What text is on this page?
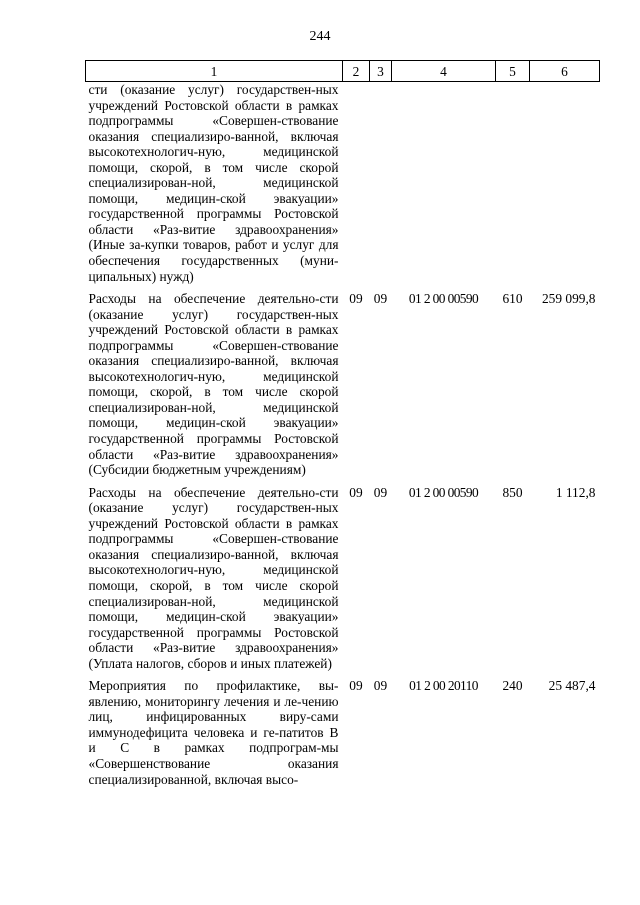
244
1	2	3	4	5	6
сти (оказание услуг) государствен-ных учреждений Ростовской области в рамках подпрограммы «Совершен-ствование оказания специализиро-ванной, включая высокотехнологич-ную, медицинской помощи, скорой, в том числе скорой специализирован-ной, медицинской помощи, медицин-ской эвакуации» государственной программы Ростовской области «Раз-витие здравоохранения» (Иные за-купки товаров, работ и услуг для обеспечения государственных (муни-ципальных) нужд)					
Расходы на обеспечение деятельно-сти (оказание услуг) государствен-ных учреждений Ростовской области в рамках подпрограммы «Совершен-ствование оказания специализиро-ванной, включая высокотехнологич-ную, медицинской помощи, скорой, в том числе скорой специализирован-ной, медицинской помощи, медицин-ской эвакуации» государственной программы Ростовской области «Раз-витие здравоохранения» (Субсидии бюджетным учреждениям)	09	09	01 2 00 00590	610	259 099,8
Расходы на обеспечение деятельно-сти (оказание услуг) государствен-ных учреждений Ростовской области в рамках подпрограммы «Совершен-ствование оказания специализиро-ванной, включая высокотехнологич-ную, медицинской помощи, скорой, в том числе скорой специализирован-ной, медицинской помощи, медицин-ской эвакуации» государственной программы Ростовской области «Раз-витие здравоохранения» (Уплата налогов, сборов и иных платежей)	09	09	01 2 00 00590	850	1 112,8
Мероприятия по профилактике, вы-явлению, мониторингу лечения и ле-чению лиц, инфицированных виру-сами иммунодефицита человека и ге-патитов В и С в рамках подпрограм-мы «Совершенствование оказания специализированной, включая высо-	09	09	01 2 00 20110	240	25 487,4
